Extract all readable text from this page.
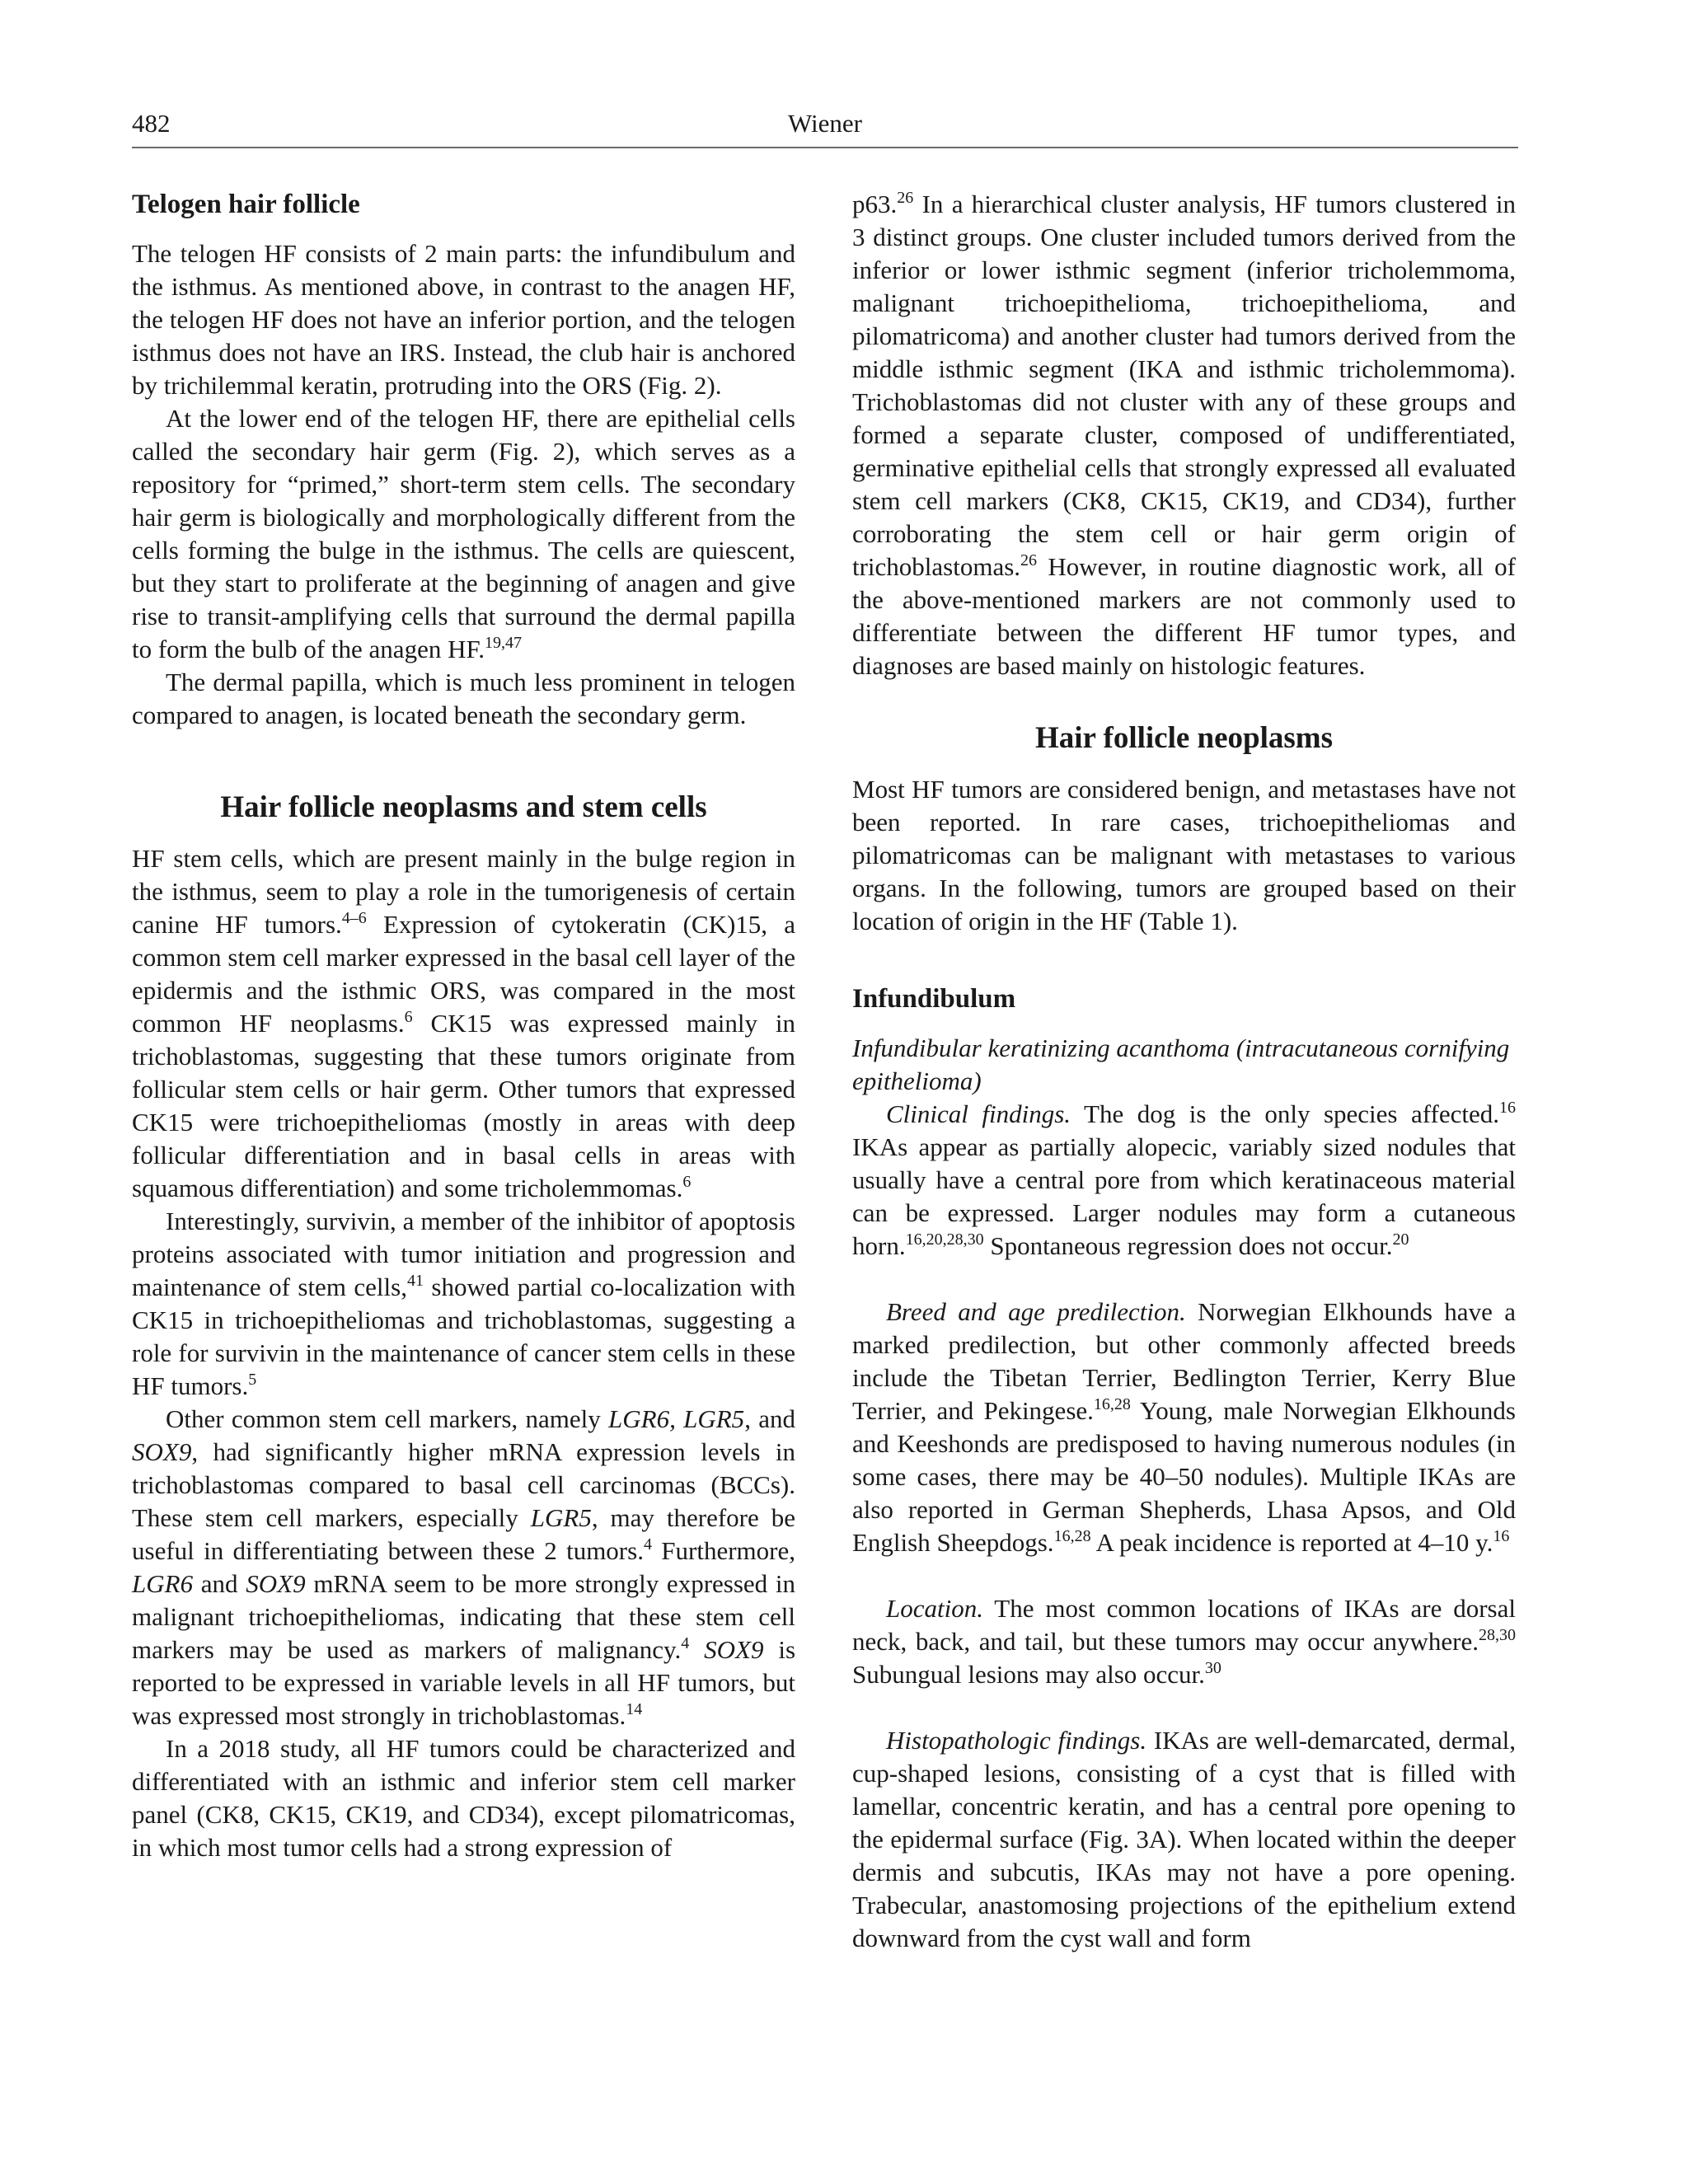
482	Wiener
Telogen hair follicle

The telogen HF consists of 2 main parts: the infundibulum and the isthmus. As mentioned above, in contrast to the anagen HF, the telogen HF does not have an inferior portion, and the telogen isthmus does not have an IRS. Instead, the club hair is anchored by trichilemmal keratin, protruding into the ORS (Fig. 2).

At the lower end of the telogen HF, there are epithelial cells called the secondary hair germ (Fig. 2), which serves as a repository for “primed,” short-term stem cells. The secondary hair germ is biologically and morphologically different from the cells forming the bulge in the isthmus. The cells are quiescent, but they start to proliferate at the beginning of anagen and give rise to transit-amplifying cells that surround the dermal papilla to form the bulb of the anagen HF.$^{19,47}$

The dermal papilla, which is much less prominent in telogen compared to anagen, is located beneath the secondary germ.

Hair follicle neoplasms and stem cells

HF stem cells, which are present mainly in the bulge region in the isthmus, seem to play a role in the tumorigenesis of certain canine HF tumors.$^{4-6}$ Expression of cytokeratin (CK)15, a common stem cell marker expressed in the basal cell layer of the epidermis and the isthmic ORS, was compared in the most common HF neoplasms.$^6$ CK15 was expressed mainly in trichoblastomas, suggesting that these tumors originate from follicular stem cells or hair germ. Other tumors that expressed CK15 were trichoepitheliomas (mostly in areas with deep follicular differentiation and in basal cells in areas with squamous differentiation) and some tricholemmomas.$^6$

Interestingly, survivin, a member of the inhibitor of apoptosis proteins associated with tumor initiation and progression and maintenance of stem cells,$^{41}$ showed partial co-localization with CK15 in trichoepitheliomas and trichoblastomas, suggesting a role for survivin in the maintenance of cancer stem cells in these HF tumors.$^5$

Other common stem cell markers, namely LGR6, LGR5, and SOX9, had significantly higher mRNA expression levels in trichoblastomas compared to basal cell carcinomas (BCCs). These stem cell markers, especially LGR5, may therefore be useful in differentiating between these 2 tumors.$^4$ Furthermore, LGR6 and SOX9 mRNA seem to be more strongly expressed in malignant trichoepitheliomas, indicating that these stem cell markers may be used as markers of malignancy.$^4$ SOX9 is reported to be expressed in variable levels in all HF tumors, but was expressed most strongly in trichoblastomas.$^{14}$

In a 2018 study, all HF tumors could be characterized and differentiated with an isthmic and inferior stem cell marker panel (CK8, CK15, CK19, and CD34), except pilomatricomas, in which most tumor cells had a strong expression of

p63.26 In a hierarchical cluster analysis, HF tumors clustered in 3 distinct groups. One cluster included tumors derived from the inferior or lower isthmic segment (inferior tricholemmoma, malignant trichoepithelioma, trichoepithelioma, and pilomatricoma) and another cluster had tumors derived from the middle isthmic segment (IKA and isthmic tricholemmoma). Trichoblastomas did not cluster with any of these groups and formed a separate cluster, composed of undifferentiated, germinative epithelial cells that strongly expressed all evaluated stem cell markers (CK8, CK15, CK19, and CD34), further corroborating the stem cell or hair germ origin of trichoblastomas.$^{26}$ However, in routine diagnostic work, all of the above-mentioned markers are not commonly used to differentiate between the different HF tumor types, and diagnoses are based mainly on histologic features.

Hair follicle neoplasms

Most HF tumors are considered benign, and metastases have not been reported. In rare cases, trichoepitheliomas and pilomatricomas can be malignant with metastases to various organs. In the following, tumors are grouped based on their location of origin in the HF (Table 1).

Infundibulum

Infundibular keratinizing acanthoma (intracutaneous cornifying epithelioma)

Clinical findings. The dog is the only species affected.$^{16}$ IKAs appear as partially alopecic, variably sized nodules that usually have a central pore from which keratinaceous material can be expressed. Larger nodules may form a cutaneous horn.$^{16,20,28,30}$ Spontaneous regression does not occur.$^{20}$

Breed and age predilection. Norwegian Elkhounds have a marked predilection, but other commonly affected breeds include the Tibetan Terrier, Bedlington Terrier, Kerry Blue Terrier, and Pekingese.$^{16,28}$ Young, male Norwegian Elkhounds and Keeshonds are predisposed to having numerous nodules (in some cases, there may be 40–50 nodules). Multiple IKAs are also reported in German Shepherds, Lhasa Apsos, and Old English Sheepdogs.$^{16,28}$ A peak incidence is reported at 4–10 y.$^{16}$

Location. The most common locations of IKAs are dorsal neck, back, and tail, but these tumors may occur anywhere.$^{28,30}$ Subungual lesions may also occur.$^{30}$

Histopathologic findings. IKAs are well-demarcated, dermal, cup-shaped lesions, consisting of a cyst that is filled with lamellar, concentric keratin, and has a central pore opening to the epidermal surface (Fig. 3A). When located within the deeper dermis and subcutis, IKAs may not have a pore opening. Trabecular, anastomosing projections of the epithelium extend downward from the cyst wall and form
